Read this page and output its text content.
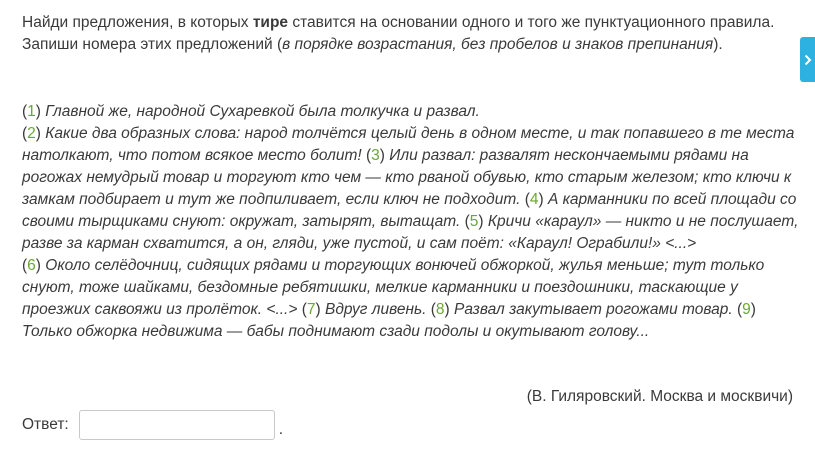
Найди предложения, в которых тире ставится на основании одного и того же пунктуационного правила. Запиши номера этих предложений (в порядке возрастания, без пробелов и знаков препинания).

(1) Главной же, народной Сухаревкой была толкучка и развал.
(2) Какие два образных слова: народ толчётся целый день в одном месте, и так попавшего в те места натолкают, что потом всякое место болит! (3) Или развал: развалят нескончаемыми рядами на рогожах немудрый товар и торгуют кто чем — кто рваной обувью, кто старым железом; кто ключи к замкам подбирает и тут же подпиливает, если ключ не подходит. (4) А карманники по всей площади со своими тырщиками снуют: окружат, затырят, вытащат. (5) Кричи «караул» — никто и не послушает, разве за карман схватится, а он, гляди, уже пустой, и сам поёт: «Караул! Ограбили!» <...>
(6) Около селёдочниц, сидящих рядами и торгующих вонючей обжоркой, жулья меньше; тут только снуют, тоже шайками, бездомные ребятишки, мелкие карманники и поездошники, таскающие у проезжих саквояжи из пролёток. <...> (7) Вдруг ливень. (8) Развал закутывает рогожами товар. (9) Только обжорка недвижима — бабы поднимают сзади подолы и окутывают голову...
(В. Гиляровский. Москва и москвичи)
Ответ:	.
